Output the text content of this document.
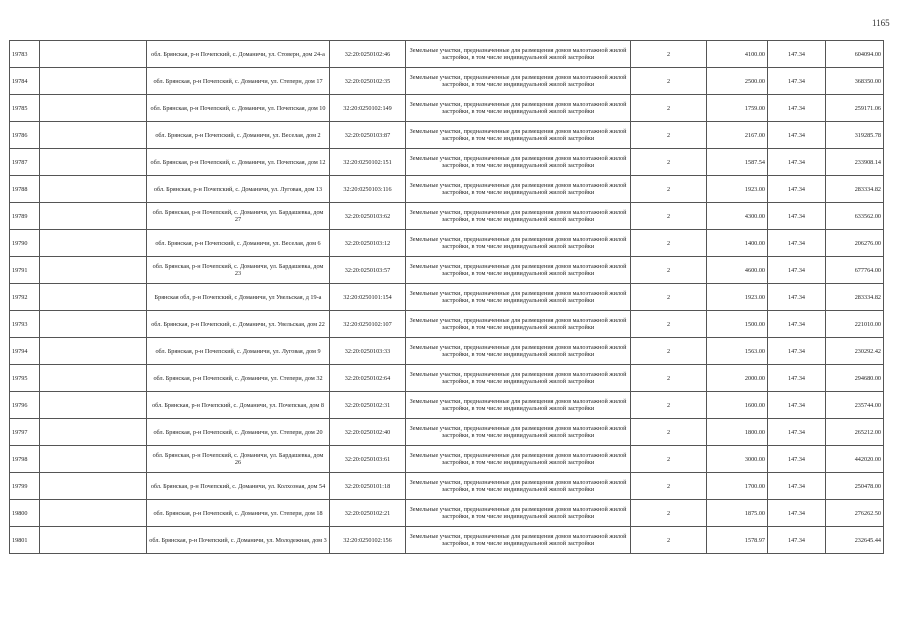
1165
19783		обл. Брянская, р-н Почепский, с. Доманичи, ул. Стоверн, дом 24-а	32:20:0250102:46	Земельные участки, предназначенные для размещения домов малоэтажной жилой застройки, в том числе индивидуальной жилой застройки	2	4100.00	147.34	604094.00
19784		обл. Брянская, р-н Почепский, с. Доманичи, ул. Степерн, дом 17	32:20:0250102:35	Земельные участки, предназначенные для размещения домов малоэтажной жилой застройки, в том числе индивидуальной жилой застройки	2	2500.00	147.34	368350.00
19785		обл. Брянская, р-н Почепский, с. Доманичи, ул. Почепская, дом 10	32:20:0250102:149	Земельные участки, предназначенные для размещения домов малоэтажной жилой застройки, в том числе индивидуальной жилой застройки	2	1759.00	147.34	259171.06
19786		обл. Брянская, р-н Почепский, с. Доманичи, ул. Веселая, дом 2	32:20:0250103:87	Земельные участки, предназначенные для размещения домов малоэтажной жилой застройки, в том числе индивидуальной жилой застройки	2	2167.00	147.34	319285.78
19787		обл. Брянская, р-н Почепский, с. Доманичи, ул. Почепская, дом 12	32:20:0250102:151	Земельные участки, предназначенные для размещения домов малоэтажной жилой застройки, в том числе индивидуальной жилой застройки	2	1587.54	147.34	233908.14
19788		обл. Брянская, р-н Почепский, с. Доманичи, ул. Луговая, дом 13	32:20:0250103:116	Земельные участки, предназначенные для размещения домов малоэтажной жилой застройки, в том числе индивидуальной жилой застройки	2	1923.00	147.34	283334.82
19789		обл. Брянская, р-н Почепский, с. Доманичи, ул. Бардашевка, дом 27	32:20:0250103:62	Земельные участки, предназначенные для размещения домов малоэтажной жилой застройки, в том числе индивидуальной жилой застройки	2	4300.00	147.34	633562.00
19790		обл. Брянская, р-н Почепский, с. Доманичи, ул. Веселая, дом 6	32:20:0250103:12	Земельные участки, предназначенные для размещения домов малоэтажной жилой застройки, в том числе индивидуальной жилой застройки	2	1400.00	147.34	206276.00
19791		обл. Брянская, р-н Почепский, с. Доманичи, ул. Бардашевка, дом 23	32:20:0250103:57	Земельные участки, предназначенные для размещения домов малоэтажной жилой застройки, в том числе индивидуальной жилой застройки	2	4600.00	147.34	677764.00
19792		Брянская обл, р-н Почепский, с Доманичи, ул Увельская, д 19-а	32:20:0250101:154	Земельные участки, предназначенные для размещения домов малоэтажной жилой застройки, в том числе индивидуальной жилой застройки	2	1923.00	147.34	283334.82
19793		обл. Брянская, р-н Почепский, с. Доманичи, ул. Увельская, дом 22	32:20:0250102:107	Земельные участки, предназначенные для размещения домов малоэтажной жилой застройки, в том числе индивидуальной жилой застройки	2	1500.00	147.34	221010.00
19794		обл. Брянская, р-н Почепский, с. Доманичи, ул. Луговая, дом 9	32:20:0250103:33	Земельные участки, предназначенные для размещения домов малоэтажной жилой застройки, в том числе индивидуальной жилой застройки	2	1563.00	147.34	230292.42
19795		обл. Брянская, р-н Почепский, с. Доманичи, ул. Степери, дом 32	32:20:0250102:64	Земельные участки, предназначенные для размещения домов малоэтажной жилой застройки, в том числе индивидуальной жилой застройки	2	2000.00	147.34	294680.00
19796		обл. Брянская, р-н Почепский, с. Доманичи, ул. Почепская, дом 8	32:20:0250102:31	Земельные участки, предназначенные для размещения домов малоэтажной жилой застройки, в том числе индивидуальной жилой застройки	2	1600.00	147.34	235744.00
19797		обл. Брянская, р-н Почепский, с. Доманичи, ул. Степери, дом 20	32:20:0250102:40	Земельные участки, предназначенные для размещения домов малоэтажной жилой застройки, в том числе индивидуальной жилой застройки	2	1800.00	147.34	265212.00
19798		обл. Брянская, р-н Почепский, с. Доманичи, ул. Бардашевка, дом 26	32:20:0250103:61	Земельные участки, предназначенные для размещения домов малоэтажной жилой застройки, в том числе индивидуальной жилой застройки	2	3000.00	147.34	442020.00
19799		обл. Брянская, р-н Почепский, с. Доманичи, ул. Колхозная, дом 54	32:20:0250101:18	Земельные участки, предназначенные для размещения домов малоэтажной жилой застройки, в том числе индивидуальной жилой застройки	2	1700.00	147.34	250478.00
19800		обл. Брянская, р-н Почепский, с. Доманичи, ул. Степери, дом 18	32:20:0250102:21	Земельные участки, предназначенные для размещения домов малоэтажной жилой застройки, в том числе индивидуальной жилой застройки	2	1875.00	147.34	276262.50
19801		обл. Брянская, р-н Почепский, с. Доманичи, ул. Молодежная, дом 3	32:20:0250102:156	Земельные участки, предназначенные для размещения домов малоэтажной жилой застройки, в том числе индивидуальной жилой застройки	2	1578.97	147.34	232645.44
